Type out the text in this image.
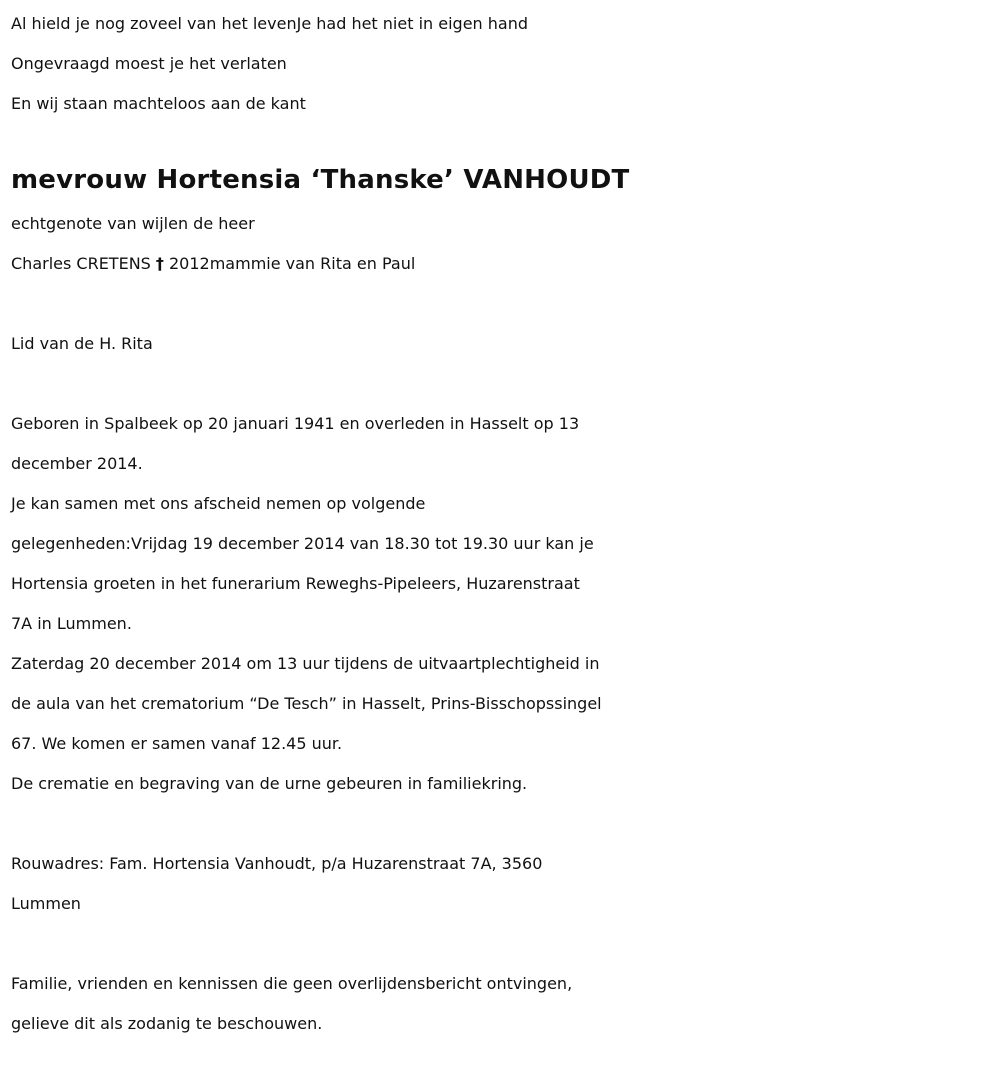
Al hield je nog zoveel van het levenJe had het niet in eigen hand
Ongevraagd moest je het verlaten
En wij staan machteloos aan de kant
mevrouw Hortensia ‘Thanske’ VANHOUDT
echtgenote van wijlen de heer
Charles CRETENS † 2012mammie van Rita en Paul
Lid van de H. Rita
Geboren in Spalbeek op 20 januari 1941 en overleden in Hasselt op 13
december 2014.
Je kan samen met ons afscheid nemen op volgende
gelegenheden:Vrijdag 19 december 2014 van 18.30 tot 19.30 uur kan je
Hortensia groeten in het funerarium Reweghs-Pipeleers, Huzarenstraat
7A in Lummen.
Zaterdag 20 december 2014 om 13 uur tijdens de uitvaartplechtigheid in
de aula van het crematorium “De Tesch” in Hasselt, Prins-Bisschopssingel
67. We komen er samen vanaf 12.45 uur.
De crematie en begraving van de urne gebeuren in familiekring.
Rouwadres: Fam. Hortensia Vanhoudt, p/a Huzarenstraat 7A, 3560
Lummen
Familie, vrienden en kennissen die geen overlijdensbericht ontvingen,
gelieve dit als zodanig te beschouwen.
